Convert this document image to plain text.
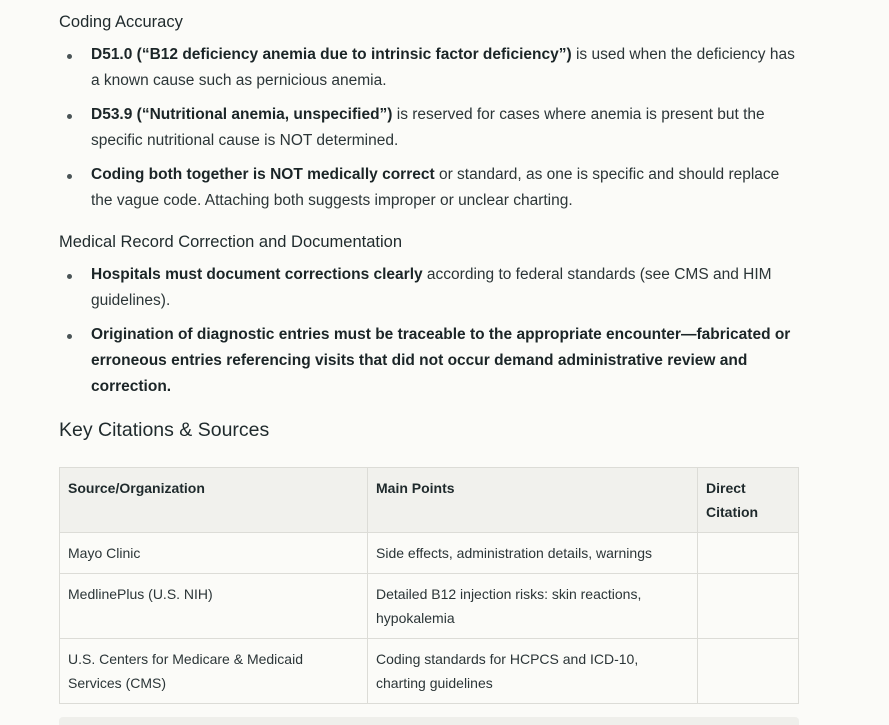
Coding Accuracy
D51.0 (“B12 deficiency anemia due to intrinsic factor deficiency”) is used when the deficiency has a known cause such as pernicious anemia.
D53.9 (“Nutritional anemia, unspecified”) is reserved for cases where anemia is present but the specific nutritional cause is NOT determined.
Coding both together is NOT medically correct or standard, as one is specific and should replace the vague code. Attaching both suggests improper or unclear charting.
Medical Record Correction and Documentation
Hospitals must document corrections clearly according to federal standards (see CMS and HIM guidelines).
Origination of diagnostic entries must be traceable to the appropriate encounter—fabricated or erroneous entries referencing visits that did not occur demand administrative review and correction.
Key Citations & Sources
Source/Organization	Main Points	Direct Citation
Mayo Clinic	Side effects, administration details, warnings	
MedlinePlus (U.S. NIH)	Detailed B12 injection risks: skin reactions, hypokalemia	
U.S. Centers for Medicare & Medicaid Services (CMS)	Coding standards for HCPCS and ICD-10, charting guidelines	
